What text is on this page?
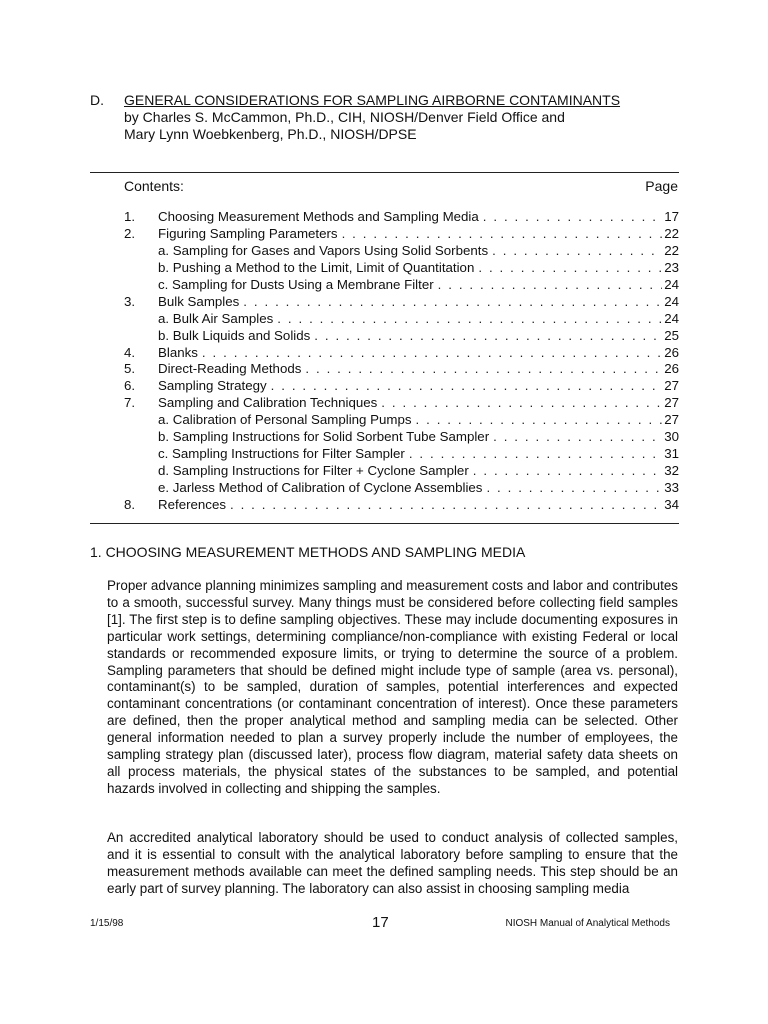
D. GENERAL CONSIDERATIONS FOR SAMPLING AIRBORNE CONTAMINANTS
by Charles S. McCammon, Ph.D., CIH, NIOSH/Denver Field Office and
Mary Lynn Woebkenberg, Ph.D., NIOSH/DPSE
Contents:	Page
1. Choosing Measurement Methods and Sampling Media . . .	17
2. Figuring Sampling Parameters . . .	22
a. Sampling for Gases and Vapors Using Solid Sorbents . . .	22
b. Pushing a Method to the Limit, Limit of Quantitation . . .	23
c. Sampling for Dusts Using a Membrane Filter . . .	24
3. Bulk Samples . . .	24
a. Bulk Air Samples . . .	24
b. Bulk Liquids and Solids . . .	25
4. Blanks . . .	26
5. Direct-Reading Methods . . .	26
6. Sampling Strategy . . .	27
7. Sampling and Calibration Techniques . . .	27
a. Calibration of Personal Sampling Pumps . . .	27
b. Sampling Instructions for Solid Sorbent Tube Sampler . . .	30
c. Sampling Instructions for Filter Sampler . . .	31
d. Sampling Instructions for Filter + Cyclone Sampler . . .	32
e. Jarless Method of Calibration of Cyclone Assemblies . . .	33
8. References . . .	34
1. CHOOSING MEASUREMENT METHODS AND SAMPLING MEDIA

Proper advance planning minimizes sampling and measurement costs and labor and contributes to a smooth, successful survey. Many things must be considered before collecting field samples [1]. The first step is to define sampling objectives. These may include documenting exposures in particular work settings, determining compliance/non-compliance with existing Federal or local standards or recommended exposure limits, or trying to determine the source of a problem. Sampling parameters that should be defined might include type of sample (area vs. personal), contaminant(s) to be sampled, duration of samples, potential interferences and expected contaminant concentrations (or contaminant concentration of interest). Once these parameters are defined, then the proper analytical method and sampling media can be selected. Other general information needed to plan a survey properly include the number of employees, the sampling strategy plan (discussed later), process flow diagram, material safety data sheets on all process materials, the physical states of the substances to be sampled, and potential hazards involved in collecting and shipping the samples.

An accredited analytical laboratory should be used to conduct analysis of collected samples, and it is essential to consult with the analytical laboratory before sampling to ensure that the measurement methods available can meet the defined sampling needs. This step should be an early part of survey planning. The laboratory can also assist in choosing sampling media

1/15/98	17	NIOSH Manual of Analytical Methods
